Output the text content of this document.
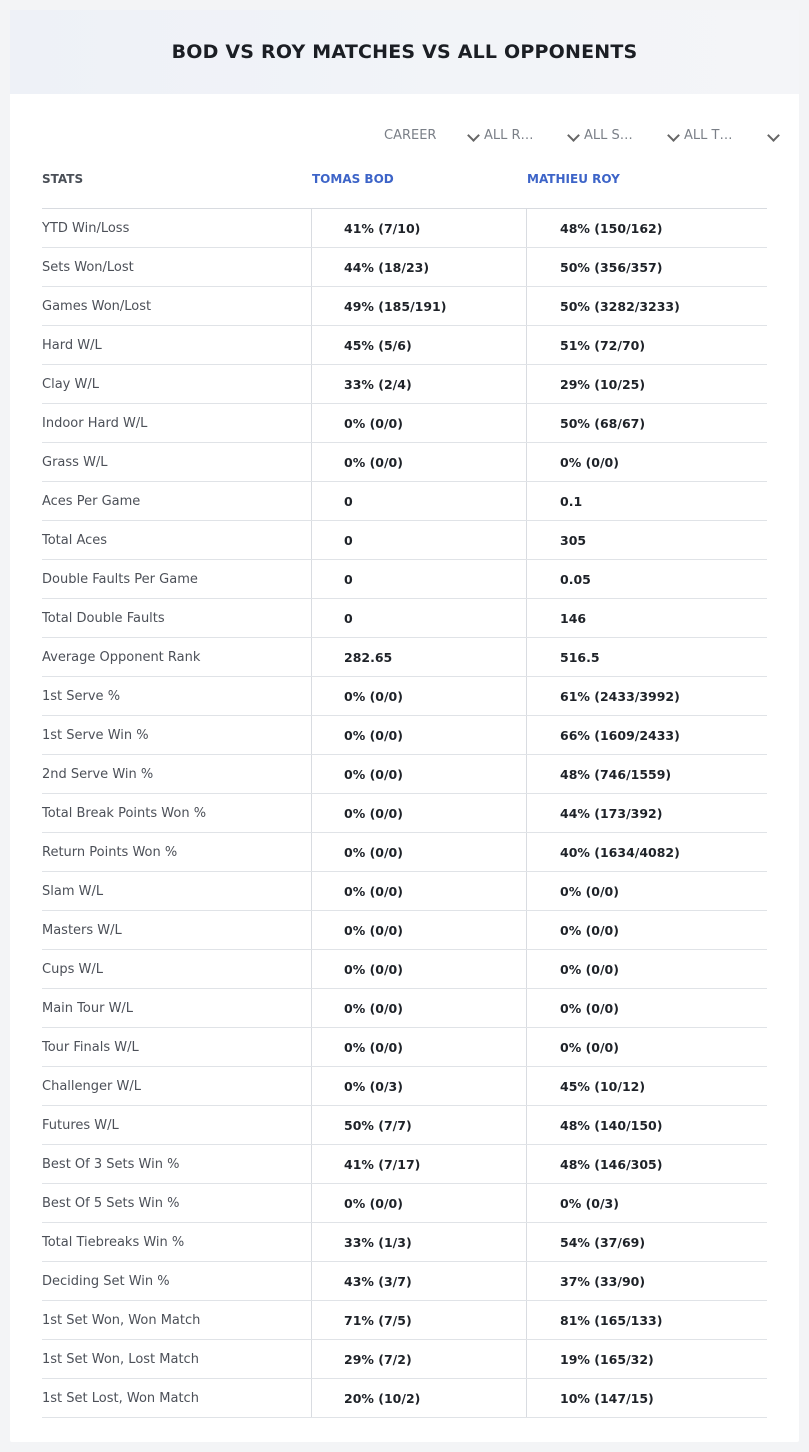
BOD VS ROY MATCHES VS ALL OPPONENTS
CAREER	ALL R…	ALL S…	ALL T…
STATS	TOMAS BOD	MATHIEU ROY
YTD Win/Loss	41% (7/10)	48% (150/162)
Sets Won/Lost	44% (18/23)	50% (356/357)
Games Won/Lost	49% (185/191)	50% (3282/3233)
Hard W/L	45% (5/6)	51% (72/70)
Clay W/L	33% (2/4)	29% (10/25)
Indoor Hard W/L	0% (0/0)	50% (68/67)
Grass W/L	0% (0/0)	0% (0/0)
Aces Per Game	0	0.1
Total Aces	0	305
Double Faults Per Game	0	0.05
Total Double Faults	0	146
Average Opponent Rank	282.65	516.5
1st Serve %	0% (0/0)	61% (2433/3992)
1st Serve Win %	0% (0/0)	66% (1609/2433)
2nd Serve Win %	0% (0/0)	48% (746/1559)
Total Break Points Won %	0% (0/0)	44% (173/392)
Return Points Won %	0% (0/0)	40% (1634/4082)
Slam W/L	0% (0/0)	0% (0/0)
Masters W/L	0% (0/0)	0% (0/0)
Cups W/L	0% (0/0)	0% (0/0)
Main Tour W/L	0% (0/0)	0% (0/0)
Tour Finals W/L	0% (0/0)	0% (0/0)
Challenger W/L	0% (0/3)	45% (10/12)
Futures W/L	50% (7/7)	48% (140/150)
Best Of 3 Sets Win %	41% (7/17)	48% (146/305)
Best Of 5 Sets Win %	0% (0/0)	0% (0/3)
Total Tiebreaks Win %	33% (1/3)	54% (37/69)
Deciding Set Win %	43% (3/7)	37% (33/90)
1st Set Won, Won Match	71% (7/5)	81% (165/133)
1st Set Won, Lost Match	29% (7/2)	19% (165/32)
1st Set Lost, Won Match	20% (10/2)	10% (147/15)
